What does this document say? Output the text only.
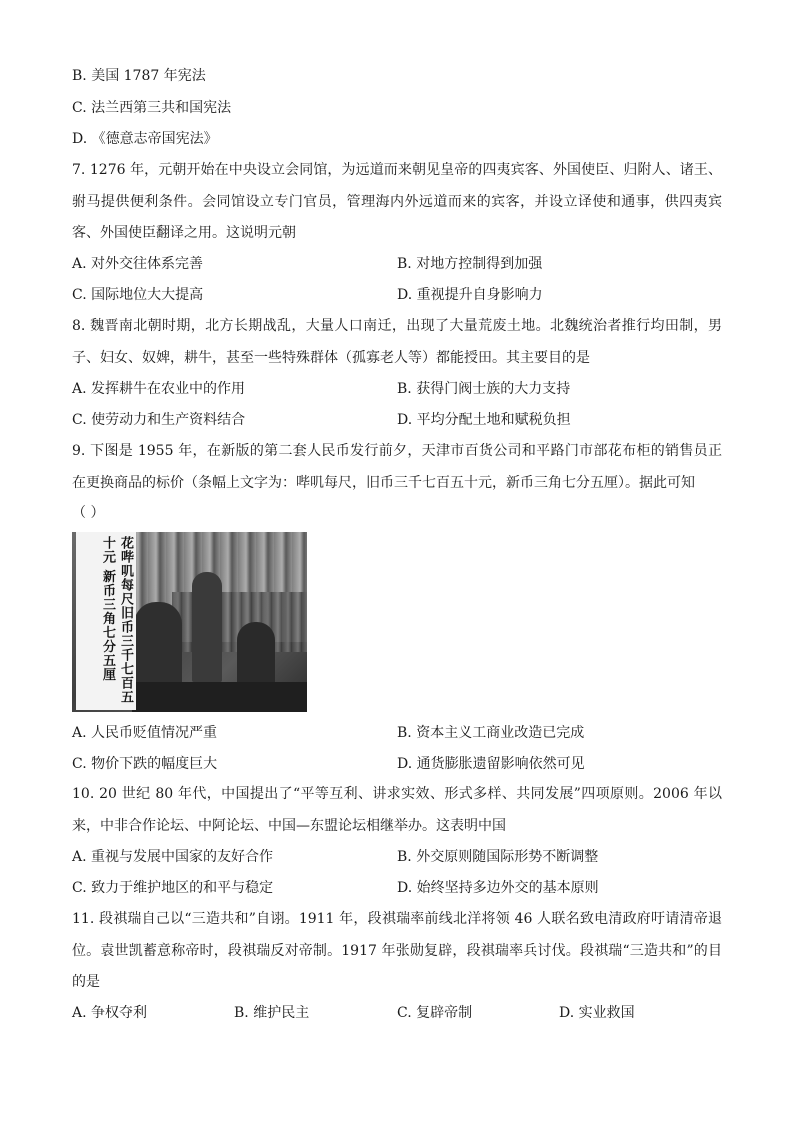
B. 美国 1787 年宪法
C. 法兰西第三共和国宪法
D. 《德意志帝国宪法》
7. 1276 年，元朝开始在中央设立会同馆，为远道而来朝见皇帝的四夷宾客、外国使臣、归附人、诸王、驸马提供便利条件。会同馆设立专门官员，管理海内外远道而来的宾客，并设立译使和通事，供四夷宾客、外国使臣翻译之用。这说明元朝
A. 对外交往体系完善	B. 对地方控制得到加强
C. 国际地位大大提高	D. 重视提升自身影响力
8. 魏晋南北朝时期，北方长期战乱，大量人口南迁，出现了大量荒废土地。北魏统治者推行均田制，男子、妇女、奴婢，耕牛，甚至一些特殊群体（孤寡老人等）都能授田。其主要目的是
A. 发挥耕牛在农业中的作用	B. 获得门阀士族的大力支持
C. 使劳动力和生产资料结合	D. 平均分配土地和赋税负担
9. 下图是 1955 年，在新版的第二套人民币发行前夕，天津市百货公司和平路门市部花布柜的销售员正在更换商品的标价（条幅上文字为：哔叽每尺，旧币三千七百五十元，新币三角七分五厘）。据此可知
（ ）
花哔叽每尺旧币三千七百五十元 新币三角七分五厘
A. 人民币贬值情况严重	B. 资本主义工商业改造已完成
C. 物价下跌的幅度巨大	D. 通货膨胀遗留影响依然可见
10. 20 世纪 80 年代，中国提出了“平等互利、讲求实效、形式多样、共同发展”四项原则。2006 年以来，中非合作论坛、中阿论坛、中国—东盟论坛相继举办。这表明中国
A. 重视与发展中国家的友好合作	B. 外交原则随国际形势不断调整
C. 致力于维护地区的和平与稳定	D. 始终坚持多边外交的基本原则
11. 段祺瑞自己以“三造共和”自诩。1911 年，段祺瑞率前线北洋将领 46 人联名致电清政府吁请清帝退位。袁世凯蓄意称帝时，段祺瑞反对帝制。1917 年张勋复辟，段祺瑞率兵讨伐。段祺瑞“三造共和”的目的是
A. 争权夺利	B. 维护民主	C. 复辟帝制	D. 实业救国
